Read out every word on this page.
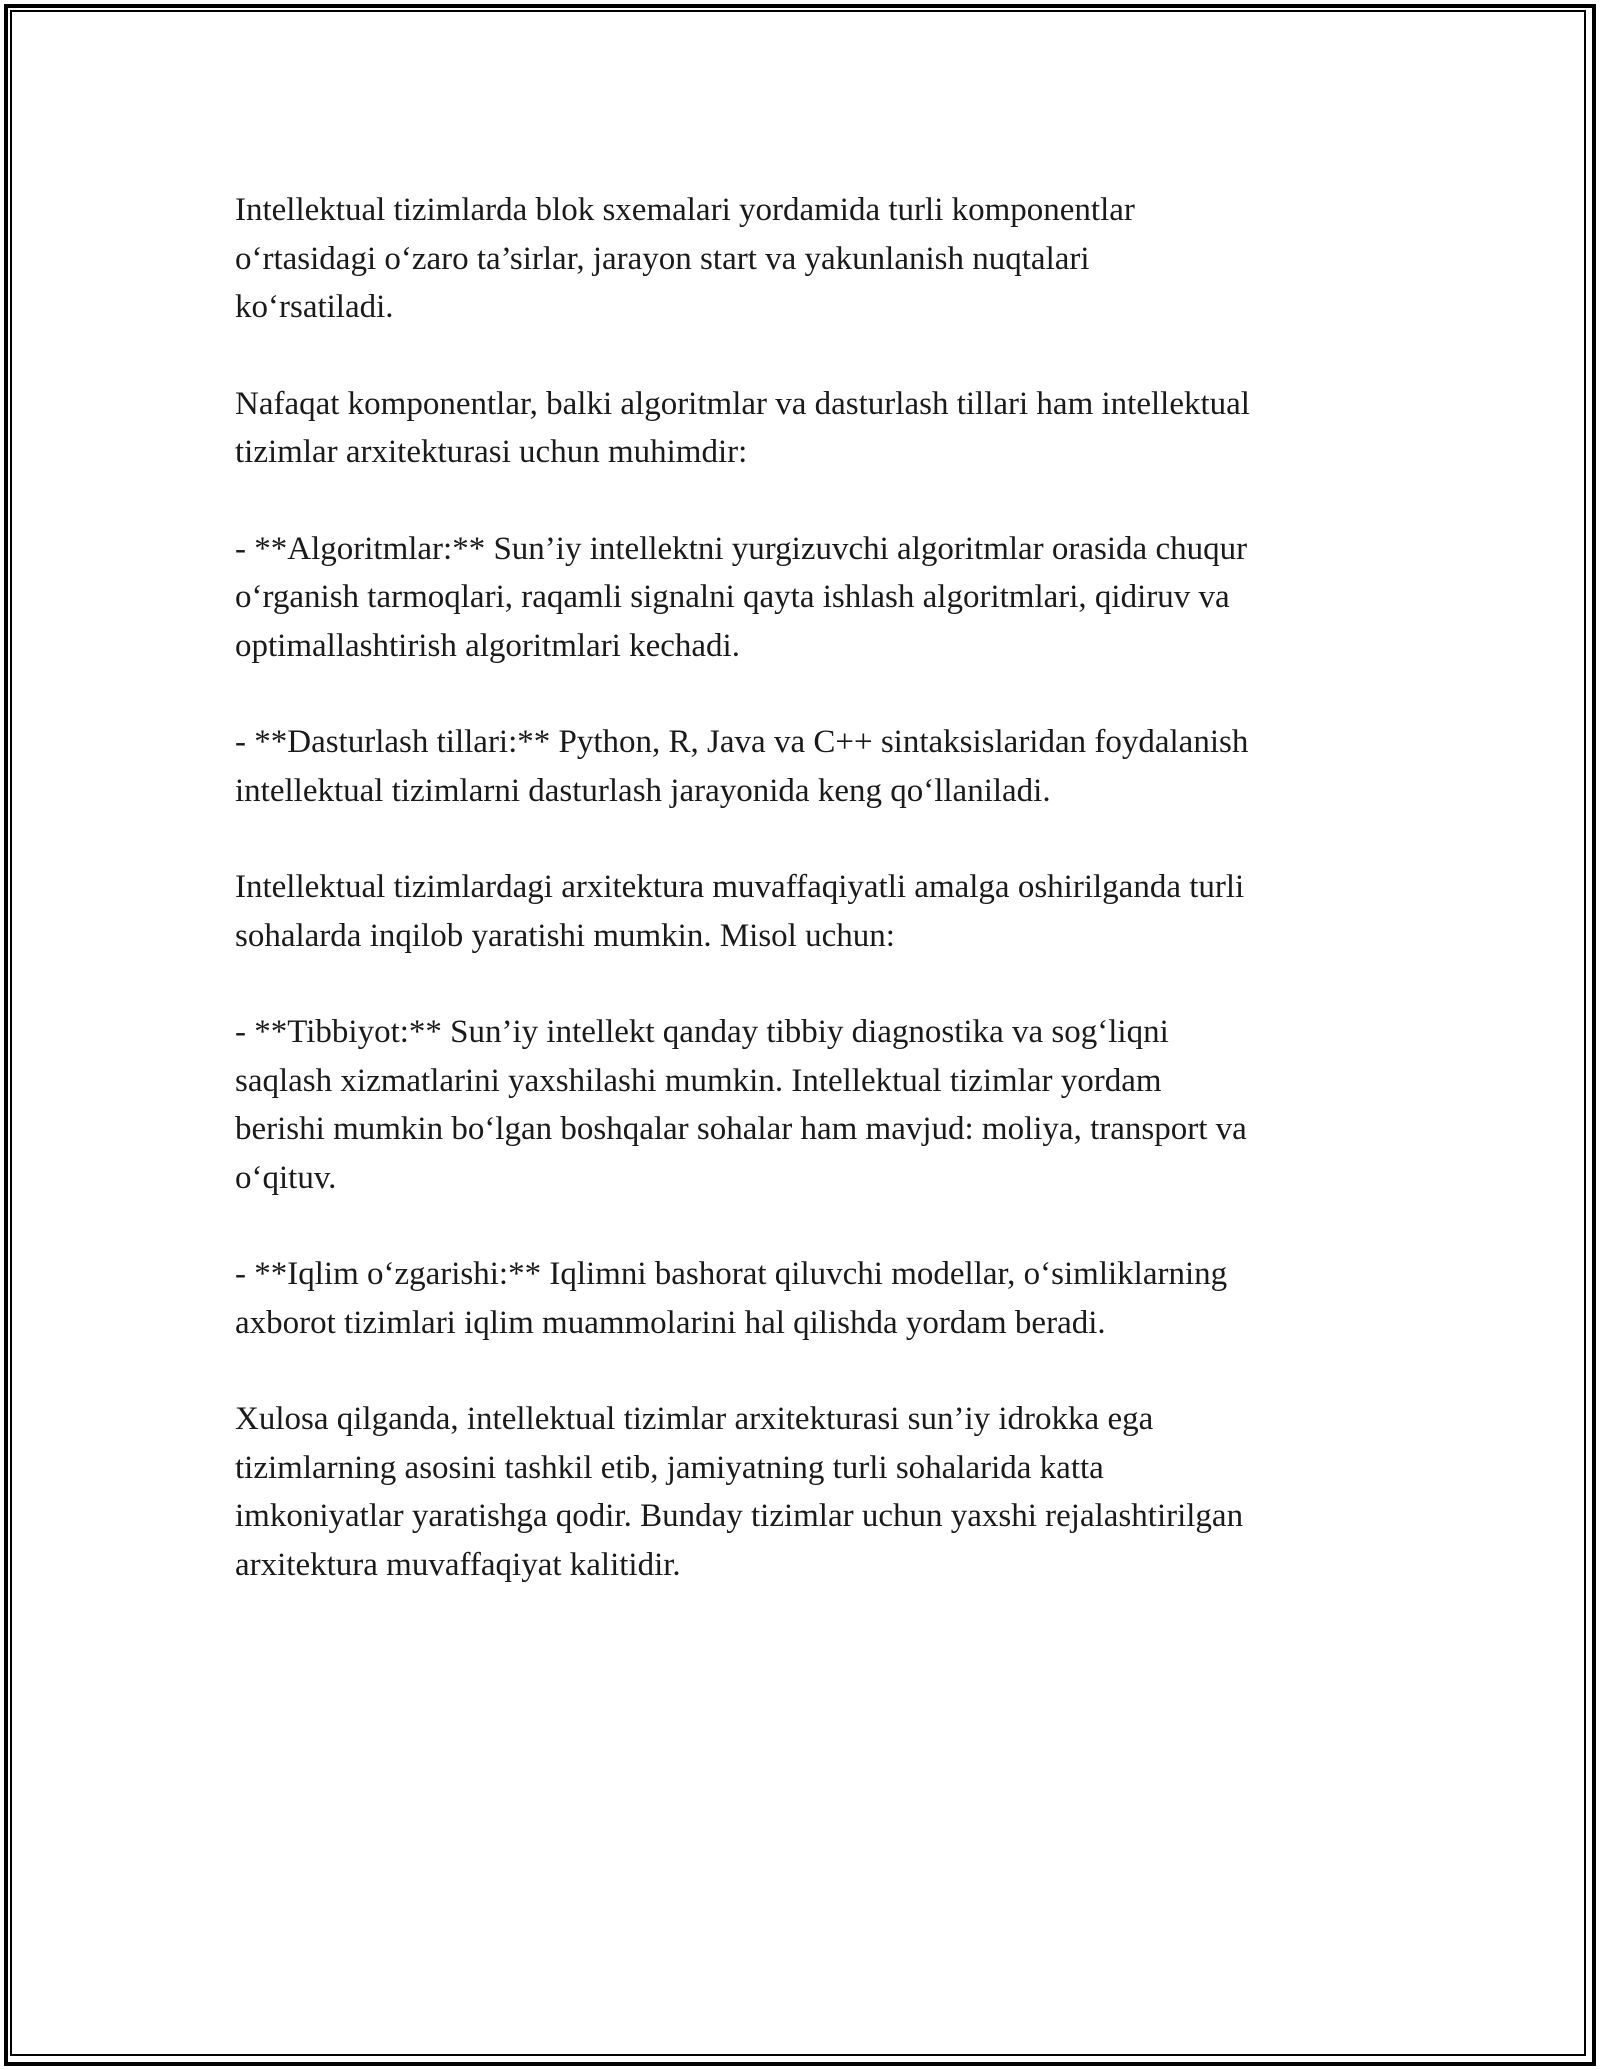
Intellektual tizimlarda blok sxemalari yordamida turli komponentlar
o‘rtasidagi o‘zaro ta’sirlar, jarayon start va yakunlanish nuqtalari
ko‘rsatiladi.

Nafaqat komponentlar, balki algoritmlar va dasturlash tillari ham intellektual
tizimlar arxitekturasi uchun muhimdir:

- **Algoritmlar:** Sun’iy intellektni yurgizuvchi algoritmlar orasida chuqur
o‘rganish tarmoqlari, raqamli signalni qayta ishlash algoritmlari, qidiruv va
optimallashtirish algoritmlari kechadi.

- **Dasturlash tillari:** Python, R, Java va C++ sintaksislaridan foydalanish
intellektual tizimlarni dasturlash jarayonida keng qo‘llaniladi.

Intellektual tizimlardagi arxitektura muvaffaqiyatli amalga oshirilganda turli
sohalarda inqilob yaratishi mumkin. Misol uchun:

- **Tibbiyot:** Sun’iy intellekt qanday tibbiy diagnostika va sog‘liqni
saqlash xizmatlarini yaxshilashi mumkin. Intellektual tizimlar yordam
berishi mumkin bo‘lgan boshqalar sohalar ham mavjud: moliya, transport va
o‘qituv.

- **Iqlim o‘zgarishi:** Iqlimni bashorat qiluvchi modellar, o‘simliklarning
axborot tizimlari iqlim muammolarini hal qilishda yordam beradi.

Xulosa qilganda, intellektual tizimlar arxitekturasi sun’iy idrokka ega
tizimlarning asosini tashkil etib, jamiyatning turli sohalarida katta
imkoniyatlar yaratishga qodir. Bunday tizimlar uchun yaxshi rejalashtirilgan
arxitektura muvaffaqiyat kalitidir.
